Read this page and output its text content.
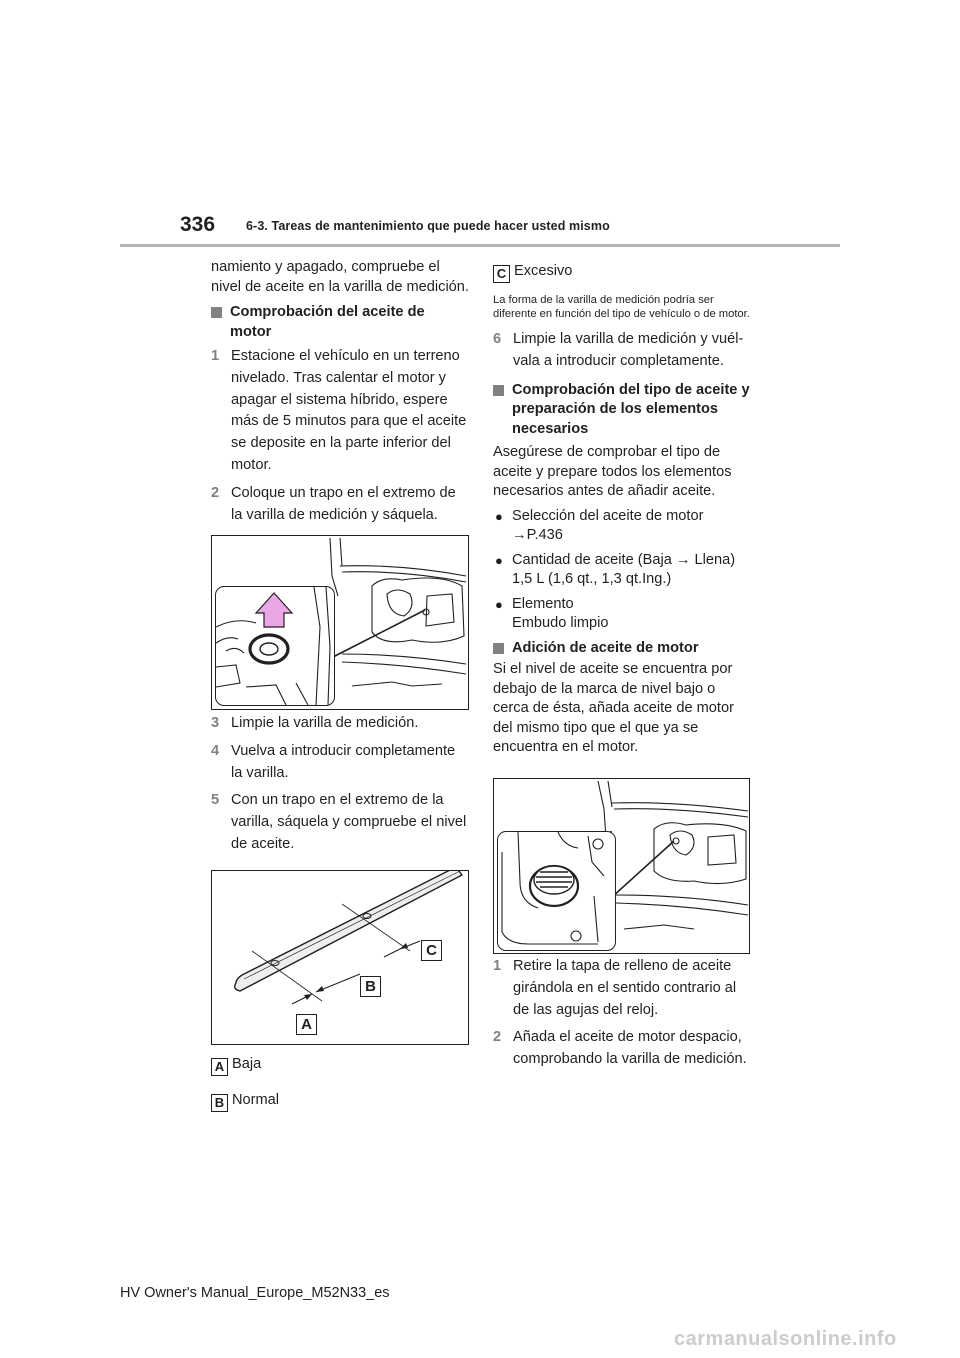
336 6-3. Tareas de mantenimiento que puede hacer usted mismo

namiento y apagado, compruebe el nivel de aceite en la varilla de medición.

Comprobación del aceite de motor
1 Estacione el vehículo en un terreno nivelado. Tras calentar el motor y apagar el sistema híbrido, espere más de 5 minutos para que el aceite se deposite en la parte inferior del motor.
2 Coloque un trapo en el extremo de la varilla de medición y sáquela.
3 Limpie la varilla de medición.
4 Vuelva a introducir completamente la varilla.
5 Con un trapo en el extremo de la varilla, sáquela y compruebe el nivel de aceite.
A
B
C
A Baja
B Normal
C Excesivo

La forma de la varilla de medición podría ser diferente en función del tipo de vehículo o de motor.

6 Limpie la varilla de medición y vuélvala a introducir completamente.
Comprobación del tipo de aceite y preparación de los elementos necesarios

Asegúrese de comprobar el tipo de aceite y prepare todos los elementos necesarios antes de añadir aceite.

● Selección del aceite de motor
→P.436
● Cantidad de aceite (Baja → Llena)
1,5 L (1,6 qt., 1,3 qt.Ing.)
● Elemento
Embudo limpio
Adición de aceite de motor

Si el nivel de aceite se encuentra por debajo de la marca de nivel bajo o cerca de ésta, añada aceite de motor del mismo tipo que el que ya se encuentra en el motor.

1 Retire la tapa de relleno de aceite girándola en el sentido contrario al de las agujas del reloj.
2 Añada el aceite de motor despacio, comprobando la varilla de medición.
HV Owner's Manual_Europe_M52N33_es
carmanualsonline.info
